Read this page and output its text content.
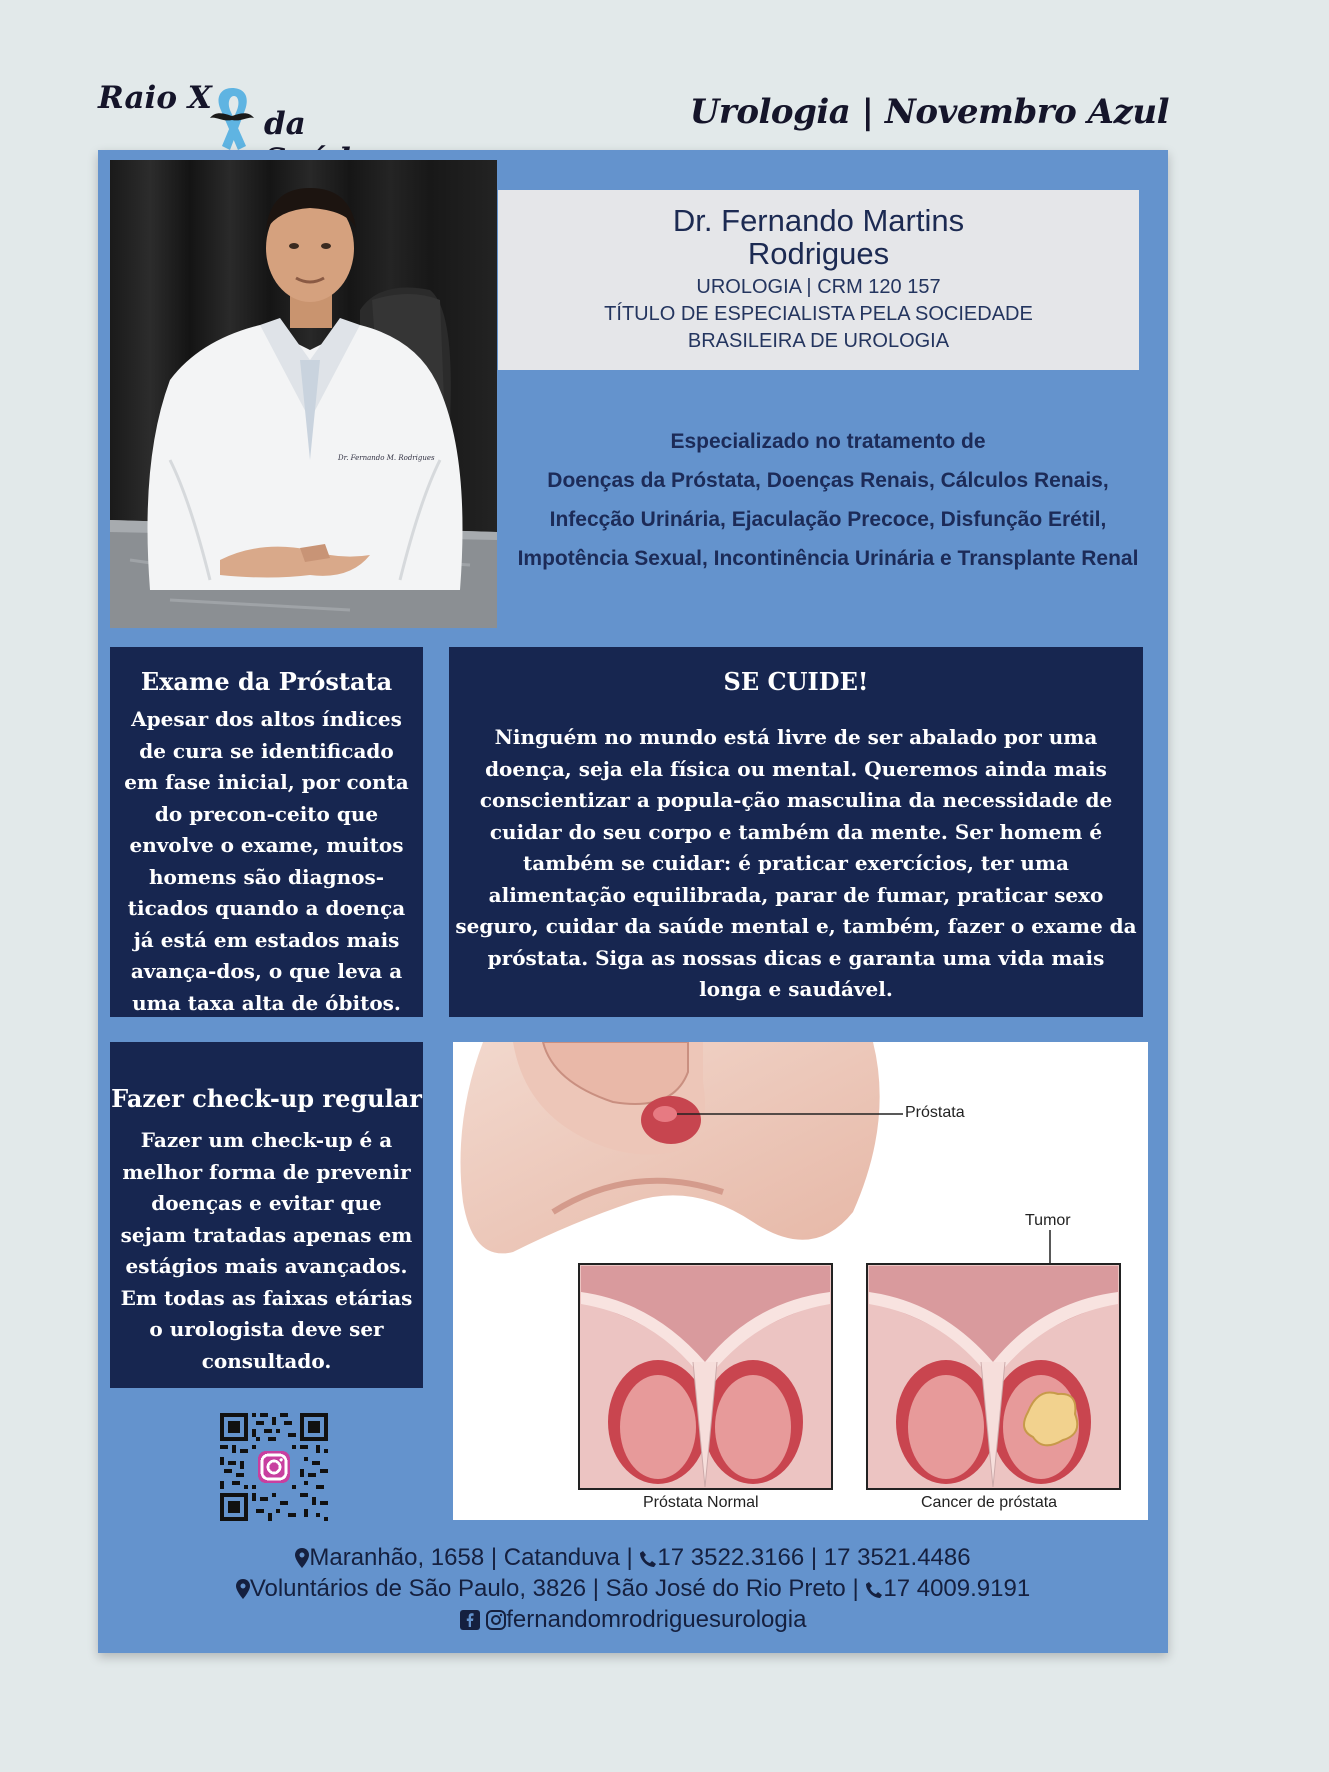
Raio X
da	Urologia | Novembro Azul
Dr. Fernando M. Rodrigues
Dr. Fernando Martins Rodrigues
UROLOGIA | CRM 120 157
TÍTULO DE ESPECIALISTA PELA SOCIEDADE
BRASILEIRA DE UROLOGIA
Especializado no tratamento de
Doenças da Próstata, Doenças Renais, Cálculos Renais,
Infecção Urinária, Ejaculação Precoce, Disfunção Erétil,
Impotência Sexual, Incontinência Urinária e Transplante Renal
Exame da Próstata

Apesar dos altos índices de cura se identificado em fase inicial, por conta do precon-ceito que envolve o exame, muitos homens são diagnos-ticados quando a doença já está em estados mais avança-dos, o que leva a uma taxa alta de óbitos.

SE CUIDE!

Ninguém no mundo está livre de ser abalado por uma doença, seja ela física ou mental. Queremos ainda mais conscientizar a popula-ção masculina da necessidade de cuidar do seu corpo e também da mente. Ser homem é também se cuidar: é praticar exercícios, ter uma alimentação equilibrada, parar de fumar, praticar sexo seguro, cuidar da saúde mental e, também, fazer o exame da próstata. Siga as nossas dicas e garanta uma vida mais longa e saudável.

Fazer check-up regular

Fazer um check-up é a melhor forma de prevenir doenças e evitar que sejam tratadas apenas em estágios mais avançados. Em todas as faixas etárias o urologista deve ser consultado.

Próstata
Tumor
Próstata Normal	Cancer de próstata
Maranhão, 1658 | Catanduva | 17 3522.3166 | 17 3521.4486
Voluntários de São Paulo, 3826 | São José do Rio Preto | 17 4009.9191
fernandomrodriguesurologia
